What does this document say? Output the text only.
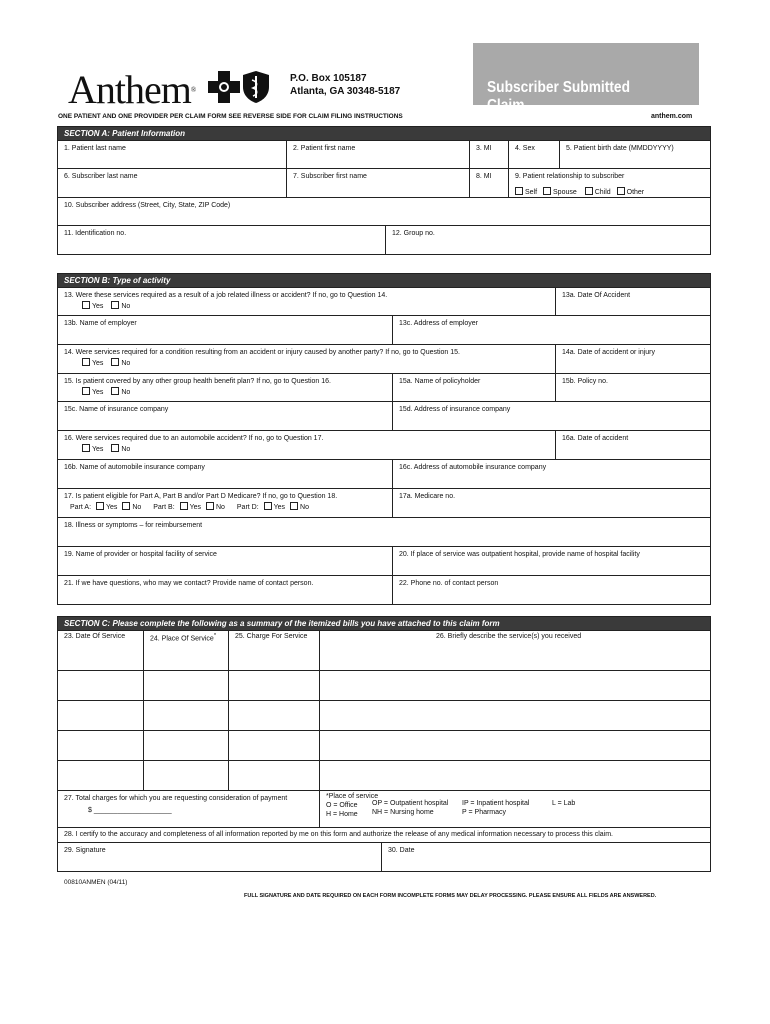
Anthem®
P.O. Box 105187
Atlanta, GA 30348-5187	Subscriber Submitted Claim
ONE PATIENT AND ONE PROVIDER PER CLAIM FORM SEE REVERSE SIDE FOR CLAIM FILING INSTRUCTIONS	anthem.com
SECTION A: Patient Information
1. Patient last name	2. Patient first name	3. MI	4. Sex	5. Patient birth date (MMDDYYYY)
6. Subscriber last name	7. Subscriber first name	8. MI	9. Patient relationship to subscriber
Self Spouse	Child Other
10. Subscriber address (Street, City, State, ZIP Code)
11. Identification no.	12. Group no.
SECTION B: Type of activity
13. Were these services required as a result of a job related illness or accident? If no, go to Question 14.
Yes	No
13a. Date Of Accident
13b. Name of employer	13c. Address of employer
14. Were services required for a condition resulting from an accident or injury caused by another party? If no, go to Question 15.
Yes	No
14a. Date of accident or injury
15. Is patient covered by any other group health benefit plan? If no, go to Question 16.
Yes	No
15a. Name of policyholder	15b. Policy no.
15c. Name of insurance company	15d. Address of insurance company
16. Were services required due to an automobile accident? If no, go to Question 17.
Yes	No
16a. Date of accident
16b. Name of automobile insurance company	16c. Address of automobile insurance company
17. Is patient eligible for Part A, Part B and/or Part D Medicare? If no, go to Question 18.
Part A: Yes No Part B: Yes No Part D: Yes No
17a. Medicare no.
18. Illness or symptoms – for reimbursement
19. Name of provider or hospital facility of service	20. If place of service was outpatient hospital, provide name of hospital facility
21. If we have questions, who may we contact? Provide name of contact person.	22. Phone no. of contact person
SECTION C: Please complete the following as a summary of the itemized bills you have attached to this claim form
23. Date Of Service	24. Place Of Service*	25. Charge For Service	26. Briefly describe the service(s) you received
27. Total charges for which you are requesting consideration of payment
$ ____________________
*Place of service
O = Office
H = Home
OP = Outpatient hospital
NH = Nursing home
IP = Inpatient hospital
P = Pharmacy
L = Lab
28. I certify to the accuracy and completeness of all information reported by me on this form and authorize the release of any medical information necessary to process this claim.
29. Signature	30. Date
00810ANMEN (04/11)
FULL SIGNATURE AND DATE REQUIRED ON EACH FORM INCOMPLETE FORMS MAY DELAY PROCESSING. PLEASE ENSURE ALL FIELDS ARE ANSWERED.
